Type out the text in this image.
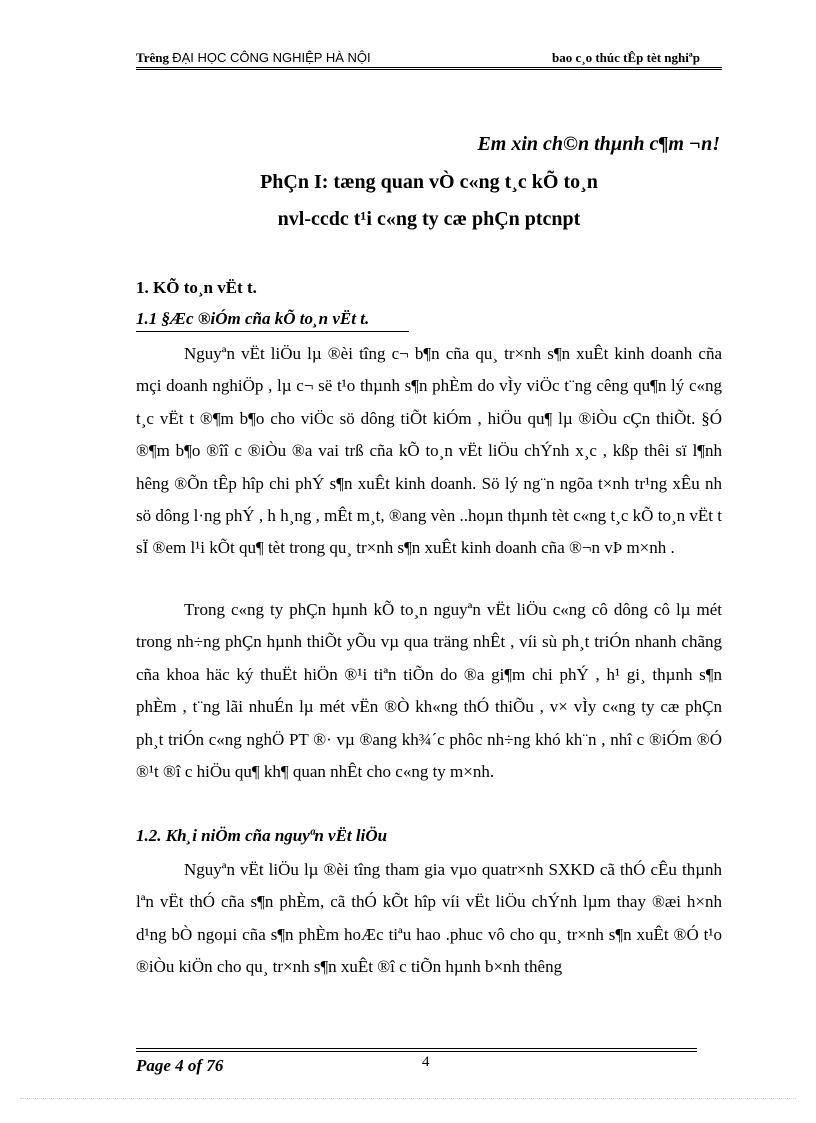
Trêng ĐẠI HỌC CÔNG NGHIỆP HÀ NỘI	bao c¸o thúc tÊp tèt nghiªp
Em xin ch©n thµnh c¶m ¬n!
PhÇn I: tæng quan vÒ c«ng t¸c kÕ to¸n
nvl-ccdc t¹i c«ng ty cæ phÇn ptcnpt
1. KÕ to¸n vËt t.
1.1 §Æc ®iÓm cña kÕ to¸n vËt t.

Nguyªn vËt liÖu lµ ®èi tîng c¬ b¶n cña qu¸ tr×nh s¶n xuÊt kinh doanh cña mçi doanh nghiÖp , lµ c¬ së t¹o thµnh s¶n phÈm do vÌy viÖc t¨ng cêng qu¶n lý c«ng t¸c vËt t ®¶m b¶o cho viÖc sö dông tiÕt kiÓm , hiÖu qu¶ lµ ®iÒu cÇn thiÕt. §Ó ®¶m b¶o ®îî c ®iÒu ®a vai trß cña kÕ to¸n vËt liÖu chÝnh x¸c , kßp thêi sï l¶nh hêng ®Õn tÊp hîp chi phÝ s¶n xuÊt kinh doanh. Sö lý ng¨n ngõa t×nh tr¹ng xÊu nh sö dông l·ng phÝ , h h¸ng , mÊt m¸t, ®ang vèn ..hoµn thµnh tèt c«ng t¸c kÕ to¸n vËt t sÏ ®em l¹i kÕt qu¶ tèt trong qu¸ tr×nh s¶n xuÊt kinh doanh cña ®¬n vÞ m×nh .

Trong c«ng ty phÇn hµnh kÕ to¸n nguyªn vËt liÖu c«ng cô dông cô lµ mét trong nh÷ng phÇn hµnh thiÕt yÕu vµ qua träng nhÊt , víi sù ph¸t triÓn nhanh chãng cña khoa häc ký thuËt hiÖn ®¹i tiªn tiÕn do ®a gi¶m chi phÝ , h¹ gi¸ thµnh s¶n phÈm , t¨ng lãi nhuÉn lµ mét vËn ®Ò kh«ng thÓ thiÕu , v× vÌy c«ng ty cæ phÇn ph¸t triÓn c«ng nghÖ PT ®· vµ ®ang kh¾´c phôc nh÷ng khó kh¨n , nhî c ®iÓm ®Ó ®¹t ®î c hiÖu qu¶ kh¶ quan nhÊt cho c«ng ty m×nh.

1.2. Kh¸i niÖm cña nguyªn vËt liÖu

Nguyªn vËt liÖu lµ ®èi tîng tham gia vµo quatr×nh SXKD cã thÓ cÊu thµnh lªn vËt thÓ cña s¶n phÈm, cã thÓ kÕt hîp víi vËt liÖu chÝnh lµm thay ®æi h×nh d¹ng bÒ ngoµi cña s¶n phÈm hoÆc tiªu hao .phuc vô cho qu¸ tr×nh s¶n xuÊt ®Ó t¹o ®iÒu kiÖn cho qu¸ tr×nh s¶n xuÊt ®î c tiÕn hµnh b×nh thêng

Page 4 of 76	4
